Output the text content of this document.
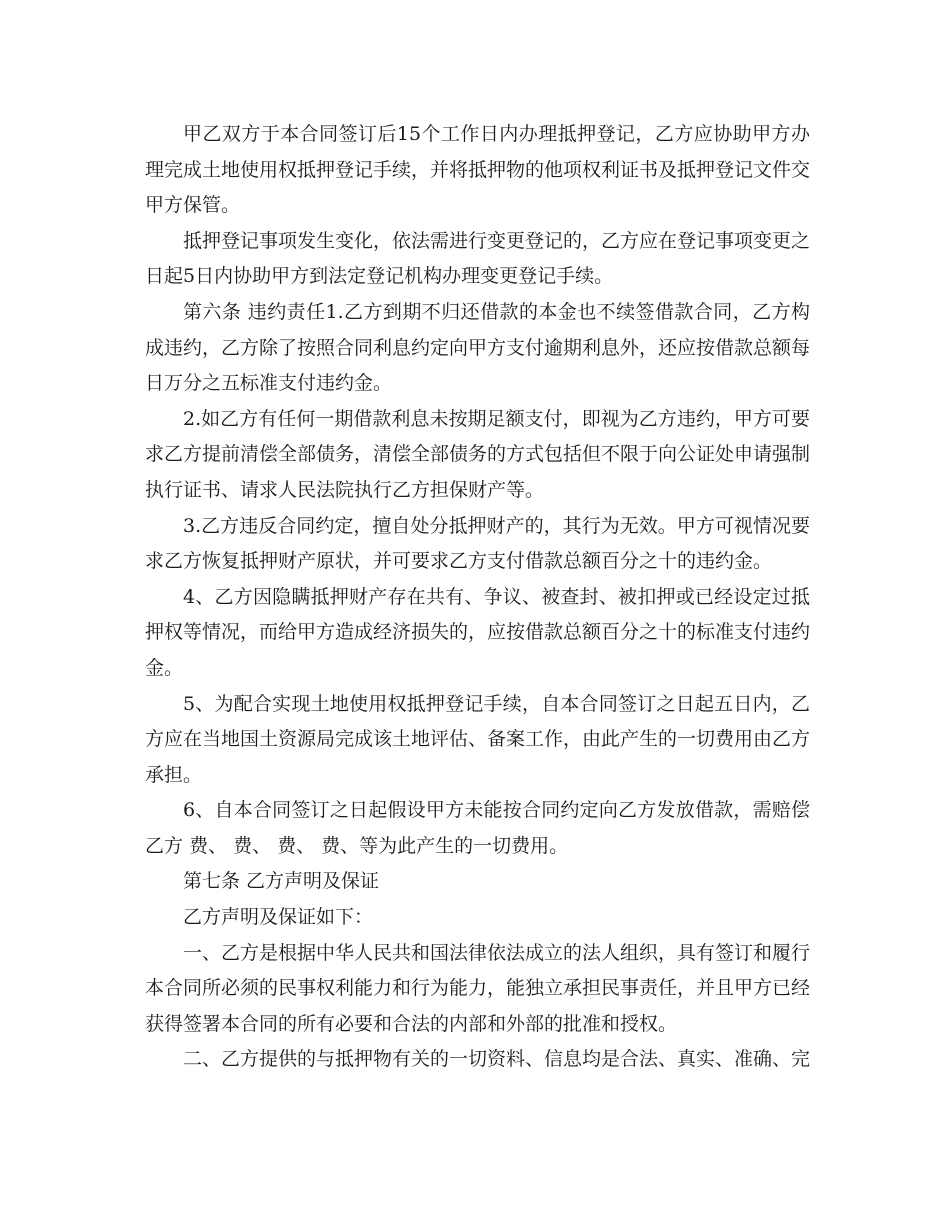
甲乙双方于本合同签订后15个工作日内办理抵押登记，乙方应协助甲方办理完成土地使用权抵押登记手续，并将抵押物的他项权利证书及抵押登记文件交甲方保管。

抵押登记事项发生变化，依法需进行变更登记的，乙方应在登记事项变更之日起5日内协助甲方到法定登记机构办理变更登记手续。

第六条 违约责任1.乙方到期不归还借款的本金也不续签借款合同，乙方构成违约，乙方除了按照合同利息约定向甲方支付逾期利息外，还应按借款总额每日万分之五标准支付违约金。

2.如乙方有任何一期借款利息未按期足额支付，即视为乙方违约，甲方可要求乙方提前清偿全部债务，清偿全部债务的方式包括但不限于向公证处申请强制执行证书、请求人民法院执行乙方担保财产等。

3.乙方违反合同约定，擅自处分抵押财产的，其行为无效。甲方可视情况要求乙方恢复抵押财产原状，并可要求乙方支付借款总额百分之十的违约金。

4、乙方因隐瞒抵押财产存在共有、争议、被查封、被扣押或已经设定过抵押权等情况，而给甲方造成经济损失的，应按借款总额百分之十的标准支付违约金。

5、为配合实现土地使用权抵押登记手续，自本合同签订之日起五日内，乙方应在当地国土资源局完成该土地评估、备案工作，由此产生的一切费用由乙方承担。

6、自本合同签订之日起假设甲方未能按合同约定向乙方发放借款，需赔偿乙方 费、 费、 费、 费、等为此产生的一切费用。

第七条 乙方声明及保证

乙方声明及保证如下：

一、乙方是根据中华人民共和国法律依法成立的法人组织，具有签订和履行本合同所必须的民事权利能力和行为能力，能独立承担民事责任，并且甲方已经获得签署本合同的所有必要和合法的内部和外部的批准和授权。

二、乙方提供的与抵押物有关的一切资料、信息均是合法、真实、准确、完
